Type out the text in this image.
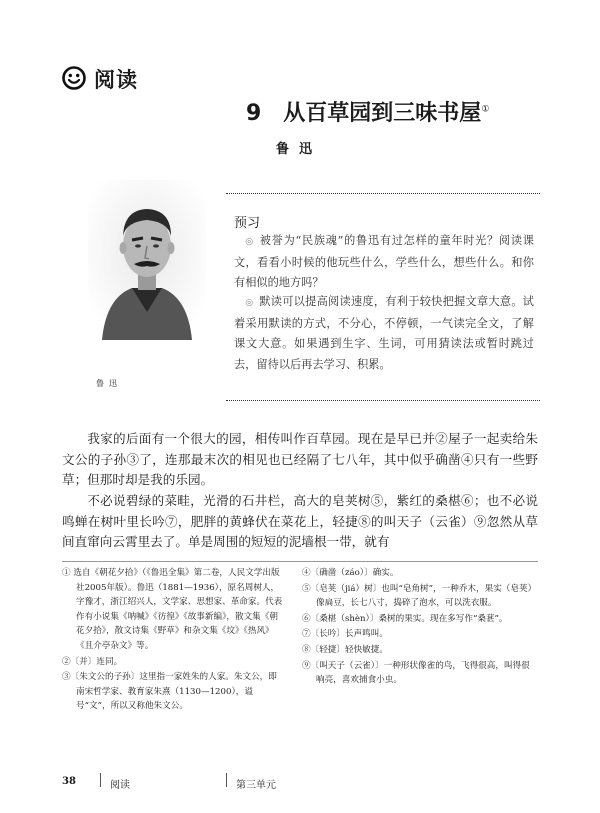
阅读
9　从百草园到三味书屋①
鲁迅
鲁迅
预习
◎ 被誉为“民族魂”的鲁迅有过怎样的童年时光？阅读课文，看看小时候的他玩些什么，学些什么，想些什么。和你有相似的地方吗？
◎ 默读可以提高阅读速度，有利于较快把握文章大意。试着采用默读的方式，不分心，不停顿，一气读完全文，了解课文大意。如果遇到生字、生词，可用猜读法或暂时跳过去，留待以后再去学习、积累。
我家的后面有一个很大的园，相传叫作百草园。现在是早已并②屋子一起卖给朱文公的子孙③了，连那最末次的相见也已经隔了七八年，其中似乎确凿④只有一些野草；但那时却是我的乐园。
不必说碧绿的菜畦，光滑的石井栏，高大的皂荚树⑤，紫红的桑椹⑥；也不必说鸣蝉在树叶里长吟⑦，肥胖的黄蜂伏在菜花上，轻捷⑧的叫天子（云雀）⑨忽然从草间直窜向云霄里去了。单是周围的短短的泥墙根一带，就有

① 选自《朝花夕拾》（《鲁迅全集》第二卷，人民文学出版社2005年版）。鲁迅（1881—1936），原名周树人，字豫才，浙江绍兴人，文学家、思想家、革命家。代表作有小说集《呐喊》《彷徨》《故事新编》，散文集《朝花夕拾》，散文诗集《野草》和杂文集《坟》《热风》《且介亭杂文》等。

②〔并〕连同。

③〔朱文公的子孙〕这里指一家姓朱的人家。朱文公，即南宋哲学家、教育家朱熹（1130—1200），谥号“文”，所以又称他朱文公。

④〔确凿（záo）〕确实。

⑤〔皂荚（jiá）树〕也叫“皂角树”，一种乔木，果实（皂荚）像扁豆，长七八寸，捣碎了泡水，可以洗衣服。

⑥〔桑椹（shèn）〕桑树的果实。现在多写作“桑葚”。

⑦〔长吟〕长声鸣叫。

⑧〔轻捷〕轻快敏捷。

⑨〔叫天子（云雀）〕一种形状像雀的鸟，飞得很高，叫得很响亮，喜欢捕食小虫。

38	阅读	第三单元
